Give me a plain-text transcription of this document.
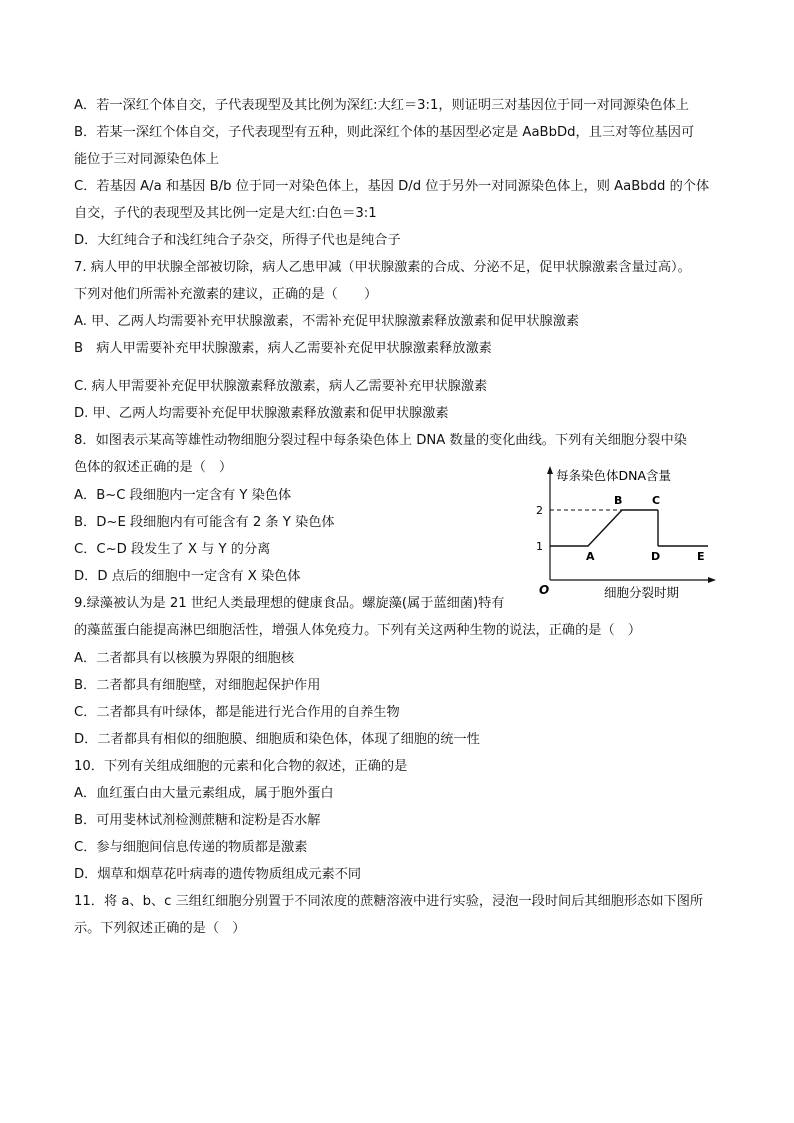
A．若一深红个体自交，子代表现型及其比例为深红:大红＝3:1，则证明三对基因位于同一对同源染色体上
B．若某一深红个体自交，子代表现型有五种，则此深红个体的基因型必定是 AaBbDd，且三对等位基因可
能位于三对同源染色体上
C．若基因 A/a 和基因 B/b 位于同一对染色体上，基因 D/d 位于另外一对同源染色体上，则 AaBbdd 的个体
自交，子代的表现型及其比例一定是大红:白色＝3:1
D．大红纯合子和浅红纯合子杂交，所得子代也是纯合子
7. 病人甲的甲状腺全部被切除，病人乙患甲减（甲状腺激素的合成、分泌不足，促甲状腺激素含量过高）。
下列对他们所需补充激素的建议，正确的是（　　）
A. 甲、乙两人均需要补充甲状腺激素，不需补充促甲状腺激素释放激素和促甲状腺激素
B　病人甲需要补充甲状腺激素，病人乙需要补充促甲状腺激素释放激素
C. 病人甲需要补充促甲状腺激素释放激素，病人乙需要补充甲状腺激素
D. 甲、乙两人均需要补充促甲状腺激素释放激素和促甲状腺激素
8．如图表示某高等雄性动物细胞分裂过程中每条染色体上 DNA 数量的变化曲线。下列有关细胞分裂中染
色体的叙述正确的是（　）
A．B~C 段细胞内一定含有 Y 染色体
B．D~E 段细胞内有可能含有 2 条 Y 染色体
C．C~D 段发生了 X 与 Y 的分离
D．D 点后的细胞中一定含有 X 染色体
每条染色体DNA含量
2
1
O	细胞分裂时期
A
B	C
D	E
9.绿藻被认为是 21 世纪人类最理想的健康食品。螺旋藻(属于蓝细菌)特有
的藻蓝蛋白能提高淋巴细胞活性，增强人体免疫力。下列有关这两种生物的说法，正确的是（　）
A．二者都具有以核膜为界限的细胞核
B．二者都具有细胞壁，对细胞起保护作用
C．二者都具有叶绿体，都是能进行光合作用的自养生物
D．二者都具有相似的细胞膜、细胞质和染色体，体现了细胞的统一性
10．下列有关组成细胞的元素和化合物的叙述，正确的是
A．血红蛋白由大量元素组成，属于胞外蛋白
B．可用斐林试剂检测蔗糖和淀粉是否水解
C．参与细胞间信息传递的物质都是激素
D．烟草和烟草花叶病毒的遗传物质组成元素不同
11．将 a、b、c 三组红细胞分别置于不同浓度的蔗糖溶液中进行实验，浸泡一段时间后其细胞形态如下图所
示。下列叙述正确的是（　）
